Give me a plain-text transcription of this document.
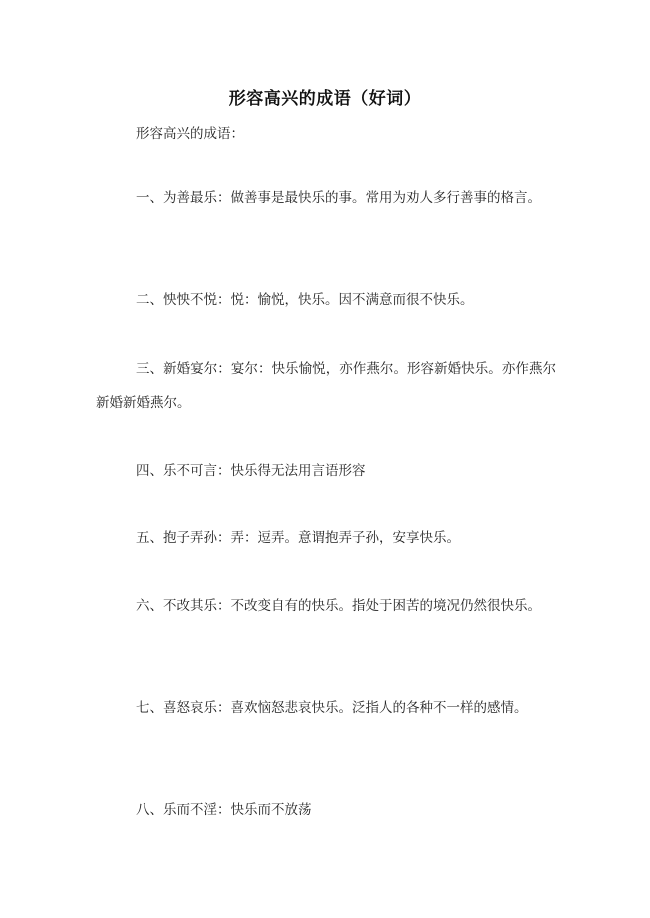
形容高兴的成语（好词）
形容高兴的成语：
一、为善最乐：做善事是最快乐的事。常用为劝人多行善事的格言。
二、怏怏不悦：悦：愉悦，快乐。因不满意而很不快乐。
三、新婚宴尔：宴尔：快乐愉悦，亦作燕尔。形容新婚快乐。亦作燕尔新婚新婚燕尔。
四、乐不可言：快乐得无法用言语形容
五、抱子弄孙：弄：逗弄。意谓抱弄子孙，安享快乐。
六、不改其乐：不改变自有的快乐。指处于困苦的境况仍然很快乐。
七、喜怒哀乐：喜欢恼怒悲哀快乐。泛指人的各种不一样的感情。
八、乐而不淫：快乐而不放荡
